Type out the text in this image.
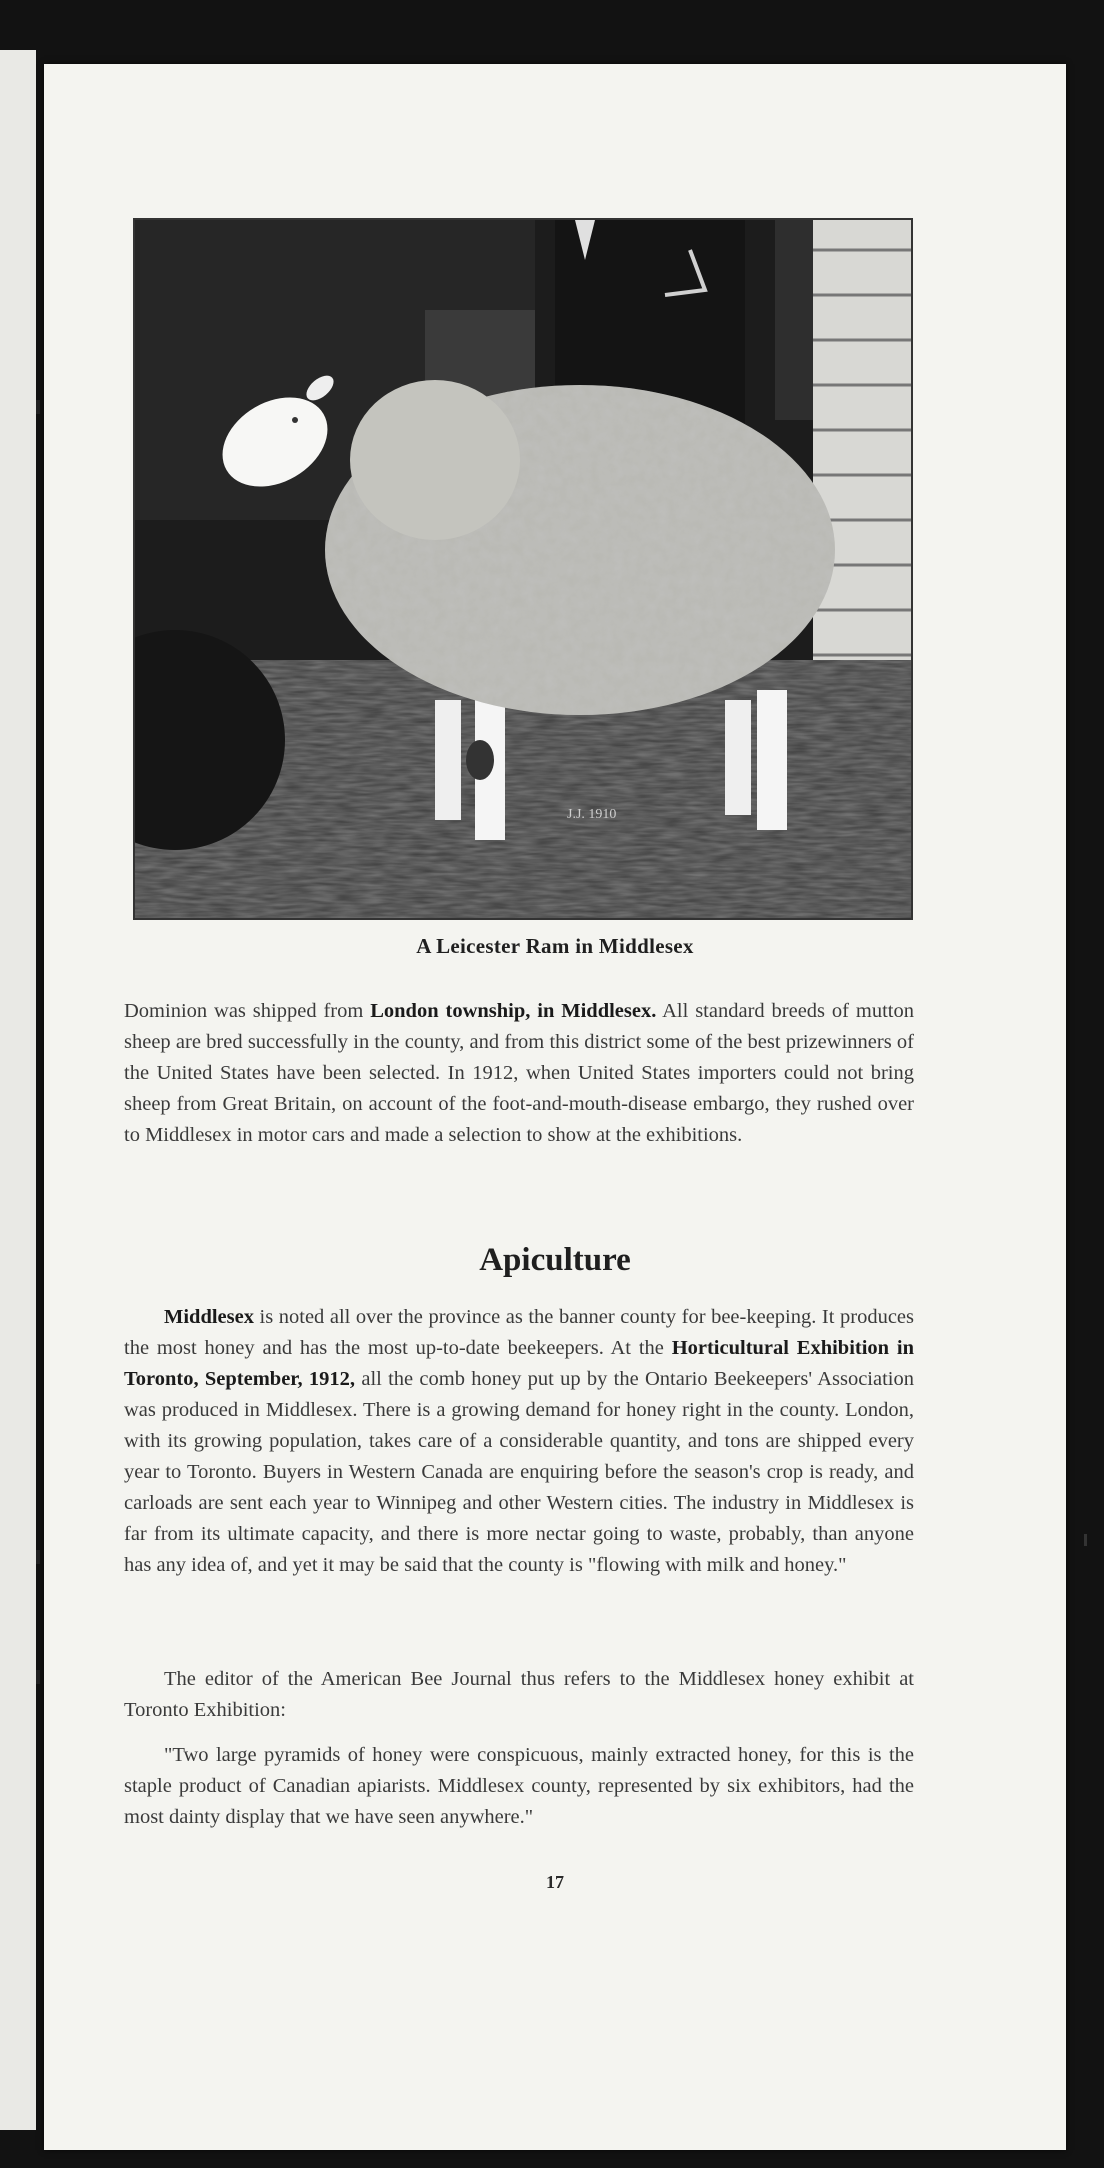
J.J. 1910
A Leicester Ram in Middlesex
Dominion was shipped from London township, in Middlesex. All standard breeds of mutton sheep are bred successfully in the county, and from this district some of the best prizewinners of the United States have been selected. In 1912, when United States importers could not bring sheep from Great Britain, on account of the foot-and-mouth-disease embargo, they rushed over to Middlesex in motor cars and made a selection to show at the exhibitions.
Apiculture
Middlesex is noted all over the province as the banner county for bee-keeping. It produces the most honey and has the most up-to-date beekeepers. At the Horticultural Exhibition in Toronto, September, 1912, all the comb honey put up by the Ontario Beekeepers' Association was produced in Middlesex. There is a growing demand for honey right in the county. London, with its growing population, takes care of a considerable quantity, and tons are shipped every year to Toronto. Buyers in Western Canada are enquiring before the season's crop is ready, and carloads are sent each year to Winnipeg and other Western cities. The industry in Middlesex is far from its ultimate capacity, and there is more nectar going to waste, probably, than anyone has any idea of, and yet it may be said that the county is "flowing with milk and honey."
The editor of the American Bee Journal thus refers to the Middlesex honey exhibit at Toronto Exhibition:
"Two large pyramids of honey were conspicuous, mainly extracted honey, for this is the staple product of Canadian apiarists. Middlesex county, represented by six exhibitors, had the most dainty display that we have seen anywhere."
17
